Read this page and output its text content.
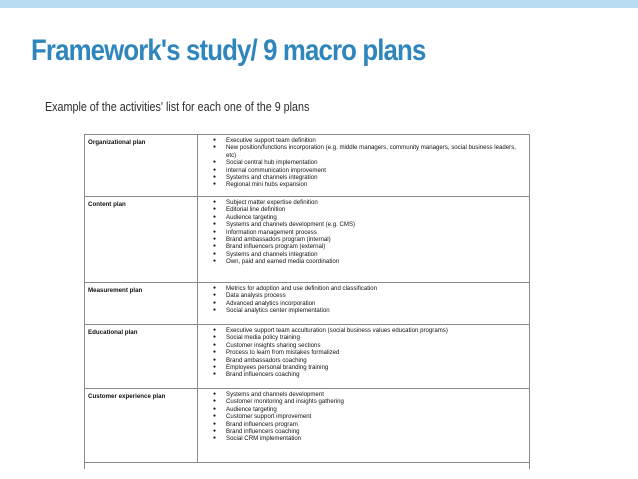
Framework's study/ 9 macro plans

Example of the activities' list for each one of the 9 plans

Organizational plan	●	Executive support team definition
●	New position/functions incorporation (e.g. middle managers, community managers, social business leaders, etc)
●	Social central hub implementation
●	Internal communication improvement
●	Systems and channels integration
●	Regional mini hubs expansion
Content plan	●	Subject matter expertise definition
●	Editorial line definition
●	Audience targeting
●	Systems and channels development (e.g. CMS)
●	Information management process
●	Brand ambassadors program (internal)
●	Brand influencers program (external)
●	Systems and channels integration
●	Own, paid and earned media coordination
Measurement plan	●	Metrics for adoption and use definition and classification
●	Data analysis process
●	Advanced analytics incorporation
●	Social analytics center implementation
Educational plan	●	Executive support team acculturation (social business values education programs)
●	Social media policy training
●	Customer insights sharing sections
●	Process to learn from mistakes formalized
●	Brand ambassadors coaching
●	Employees personal branding training
●	Brand influencers coaching
Customer experience plan	●	Systems and channels development
●	Customer monitoring and insights gathering
●	Audience targeting
●	Customer support improvement
●	Brand influencers program
●	Brand influencers coaching
●	Social CRM implementation
